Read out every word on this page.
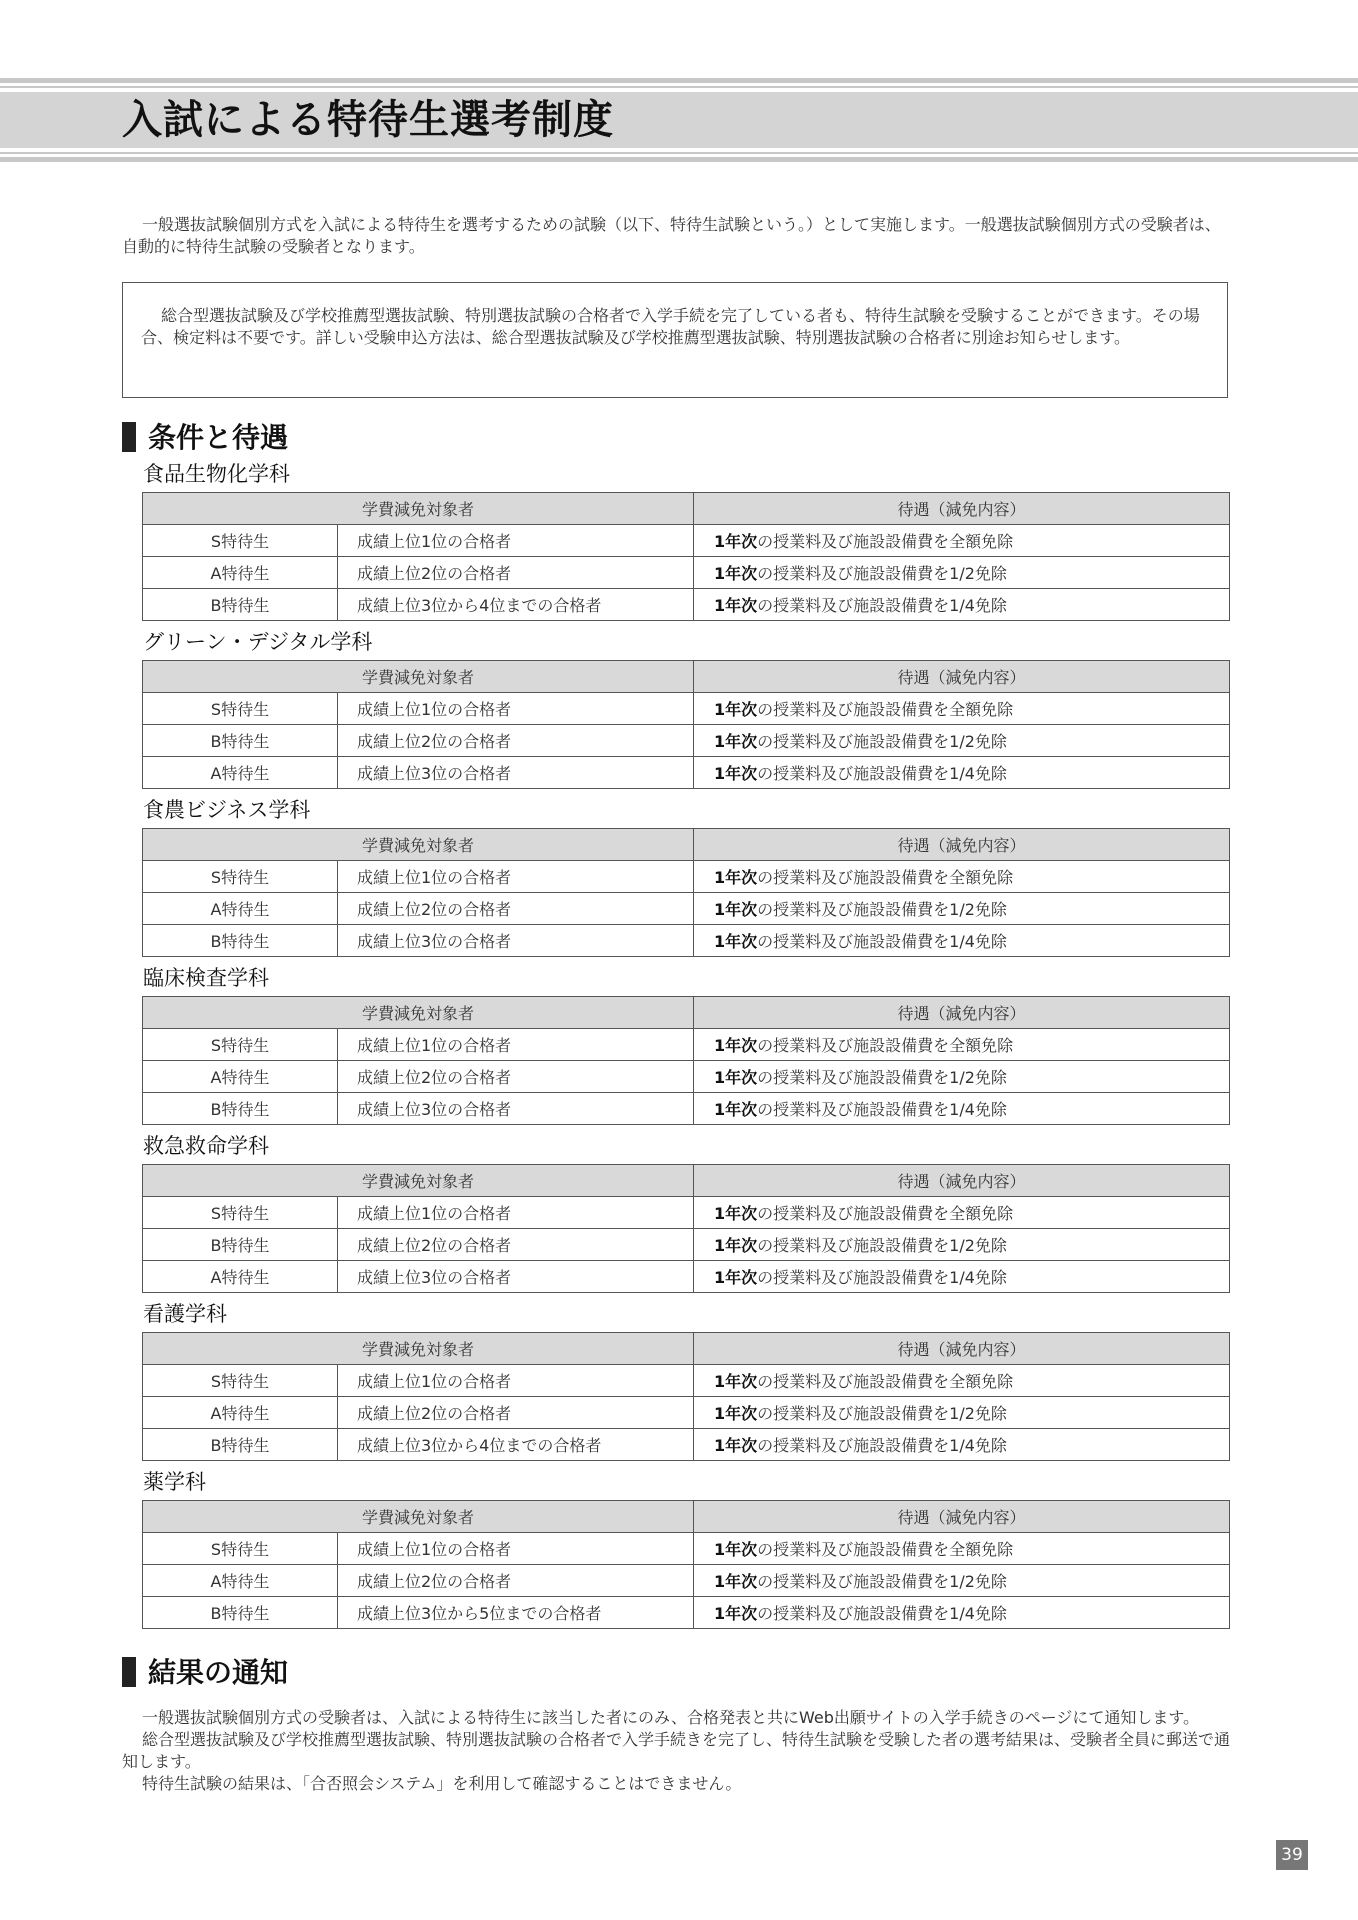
入試による特待生選考制度

一般選抜試験個別方式を入試による特待生を選考するための試験（以下、特待生試験という。）として実施します。一般選抜試験個別方式の受験者は、自動的に特待生試験の受験者となります。

総合型選抜試験及び学校推薦型選抜試験、特別選抜試験の合格者で入学手続を完了している者も、特待生試験を受験することができます。その場合、検定料は不要です。詳しい受験申込方法は、総合型選抜試験及び学校推薦型選抜試験、特別選抜試験の合格者に別途お知らせします。

条件と待遇
食品生物化学科
学費減免対象者		待遇（減免内容）
S特待生	成績上位1位の合格者	1年次の授業料及び施設設備費を全額免除
A特待生	成績上位2位の合格者	1年次の授業料及び施設設備費を1/2免除
B特待生	成績上位3位から4位までの合格者	1年次の授業料及び施設設備費を1/4免除
グリーン・デジタル学科
学費減免対象者		待遇（減免内容）
S特待生	成績上位1位の合格者	1年次の授業料及び施設設備費を全額免除
B特待生	成績上位2位の合格者	1年次の授業料及び施設設備費を1/2免除
A特待生	成績上位3位の合格者	1年次の授業料及び施設設備費を1/4免除
食農ビジネス学科
学費減免対象者		待遇（減免内容）
S特待生	成績上位1位の合格者	1年次の授業料及び施設設備費を全額免除
A特待生	成績上位2位の合格者	1年次の授業料及び施設設備費を1/2免除
B特待生	成績上位3位の合格者	1年次の授業料及び施設設備費を1/4免除
臨床検査学科
学費減免対象者		待遇（減免内容）
S特待生	成績上位1位の合格者	1年次の授業料及び施設設備費を全額免除
A特待生	成績上位2位の合格者	1年次の授業料及び施設設備費を1/2免除
B特待生	成績上位3位の合格者	1年次の授業料及び施設設備費を1/4免除
救急救命学科
学費減免対象者		待遇（減免内容）
S特待生	成績上位1位の合格者	1年次の授業料及び施設設備費を全額免除
B特待生	成績上位2位の合格者	1年次の授業料及び施設設備費を1/2免除
A特待生	成績上位3位の合格者	1年次の授業料及び施設設備費を1/4免除
看護学科
学費減免対象者		待遇（減免内容）
S特待生	成績上位1位の合格者	1年次の授業料及び施設設備費を全額免除
A特待生	成績上位2位の合格者	1年次の授業料及び施設設備費を1/2免除
B特待生	成績上位3位から4位までの合格者	1年次の授業料及び施設設備費を1/4免除
薬学科
学費減免対象者		待遇（減免内容）
S特待生	成績上位1位の合格者	1年次の授業料及び施設設備費を全額免除
A特待生	成績上位2位の合格者	1年次の授業料及び施設設備費を1/2免除
B特待生	成績上位3位から5位までの合格者	1年次の授業料及び施設設備費を1/4免除
結果の通知

一般選抜試験個別方式の受験者は、入試による特待生に該当した者にのみ、合格発表と共にWeb出願サイトの入学手続きのページにて通知します。

総合型選抜試験及び学校推薦型選抜試験、特別選抜試験の合格者で入学手続きを完了し、特待生試験を受験した者の選考結果は、受験者全員に郵送で通知します。

特待生試験の結果は、「合否照会システム」を利用して確認することはできません。

39
